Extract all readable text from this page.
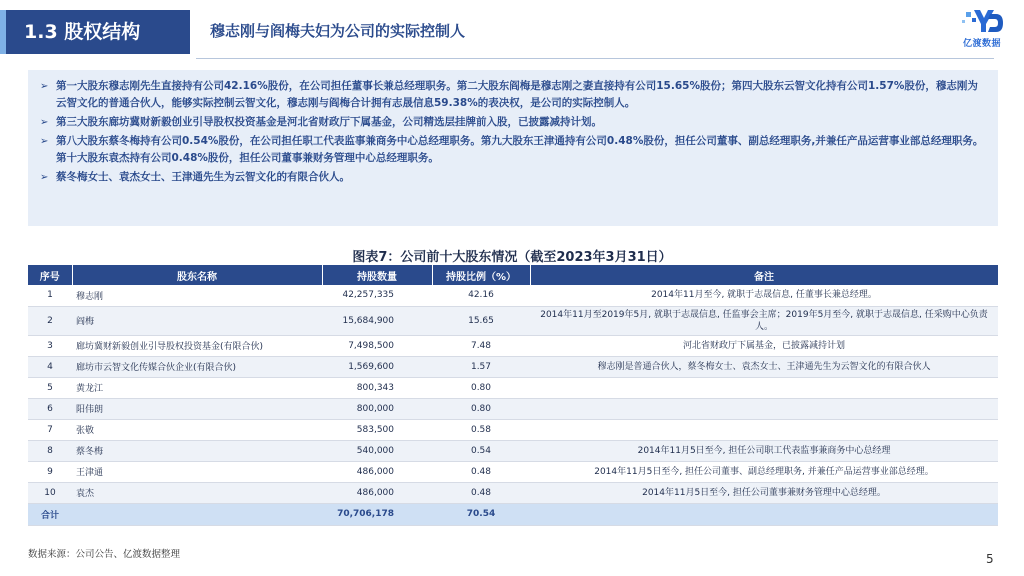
1.3 股权结构	穆志刚与阎梅夫妇为公司的实际控制人
亿渡数据

➢ 第一大股东穆志刚先生直接持有公司42.16%股份，在公司担任董事长兼总经理职务。第二大股东阎梅是穆志刚之妻直接持有公司15.65%股份；第四大股东云智文化持有公司1.57%股份，穆志刚为云智文化的普通合伙人，能够实际控制云智文化，穆志刚与阎梅合计拥有志晟信息59.38%的表决权，是公司的实际控制人。

➢ 第三大股东廊坊冀财新毅创业引导股权投资基金是河北省财政厅下属基金，公司精选层挂牌前入股，已披露减持计划。

➢ 第八大股东蔡冬梅持有公司0.54%股份，在公司担任职工代表监事兼商务中心总经理职务。第九大股东王津通持有公司0.48%股份，担任公司董事、副总经理职务,并兼任产品运营事业部总经理职务。第十大股东袁杰持有公司0.48%股份，担任公司董事兼财务管理中心总经理职务。

➢ 蔡冬梅女士、袁杰女士、王津通先生为云智文化的有限合伙人。

图表7：公司前十大股东情况（截至2023年3月31日）
序号	股东名称	持股数量	持股比例（%）	备注
1	穆志刚	42,257,335	42.16	2014年11月至今, 就职于志晟信息, 任董事长兼总经理。
2	阎梅	15,684,900	15.65	2014年11月至2019年5月, 就职于志晟信息, 任监事会主席；2019年5月至今, 就职于志晟信息, 任采购中心负责人。
3	廊坊冀财新毅创业引导股权投资基金(有限合伙)	7,498,500	7.48	河北省财政厅下属基金，已披露减持计划
4	廊坊市云智文化传媒合伙企业(有限合伙)	1,569,600	1.57	穆志刚是普通合伙人，蔡冬梅女士、袁杰女士、王津通先生为云智文化的有限合伙人
5	黄龙江	800,343	0.80	
6	阳伟朗	800,000	0.80	
7	张敬	583,500	0.58	
8	蔡冬梅	540,000	0.54	2014年11月5日至今, 担任公司职工代表监事兼商务中心总经理
9	王津通	486,000	0.48	2014年11月5日至今, 担任公司董事、副总经理职务, 并兼任产品运营事业部总经理。
10	袁杰	486,000	0.48	2014年11月5日至今, 担任公司董事兼财务管理中心总经理。
合计		70,706,178	70.54	
数据来源：公司公告、亿渡数据整理	5
